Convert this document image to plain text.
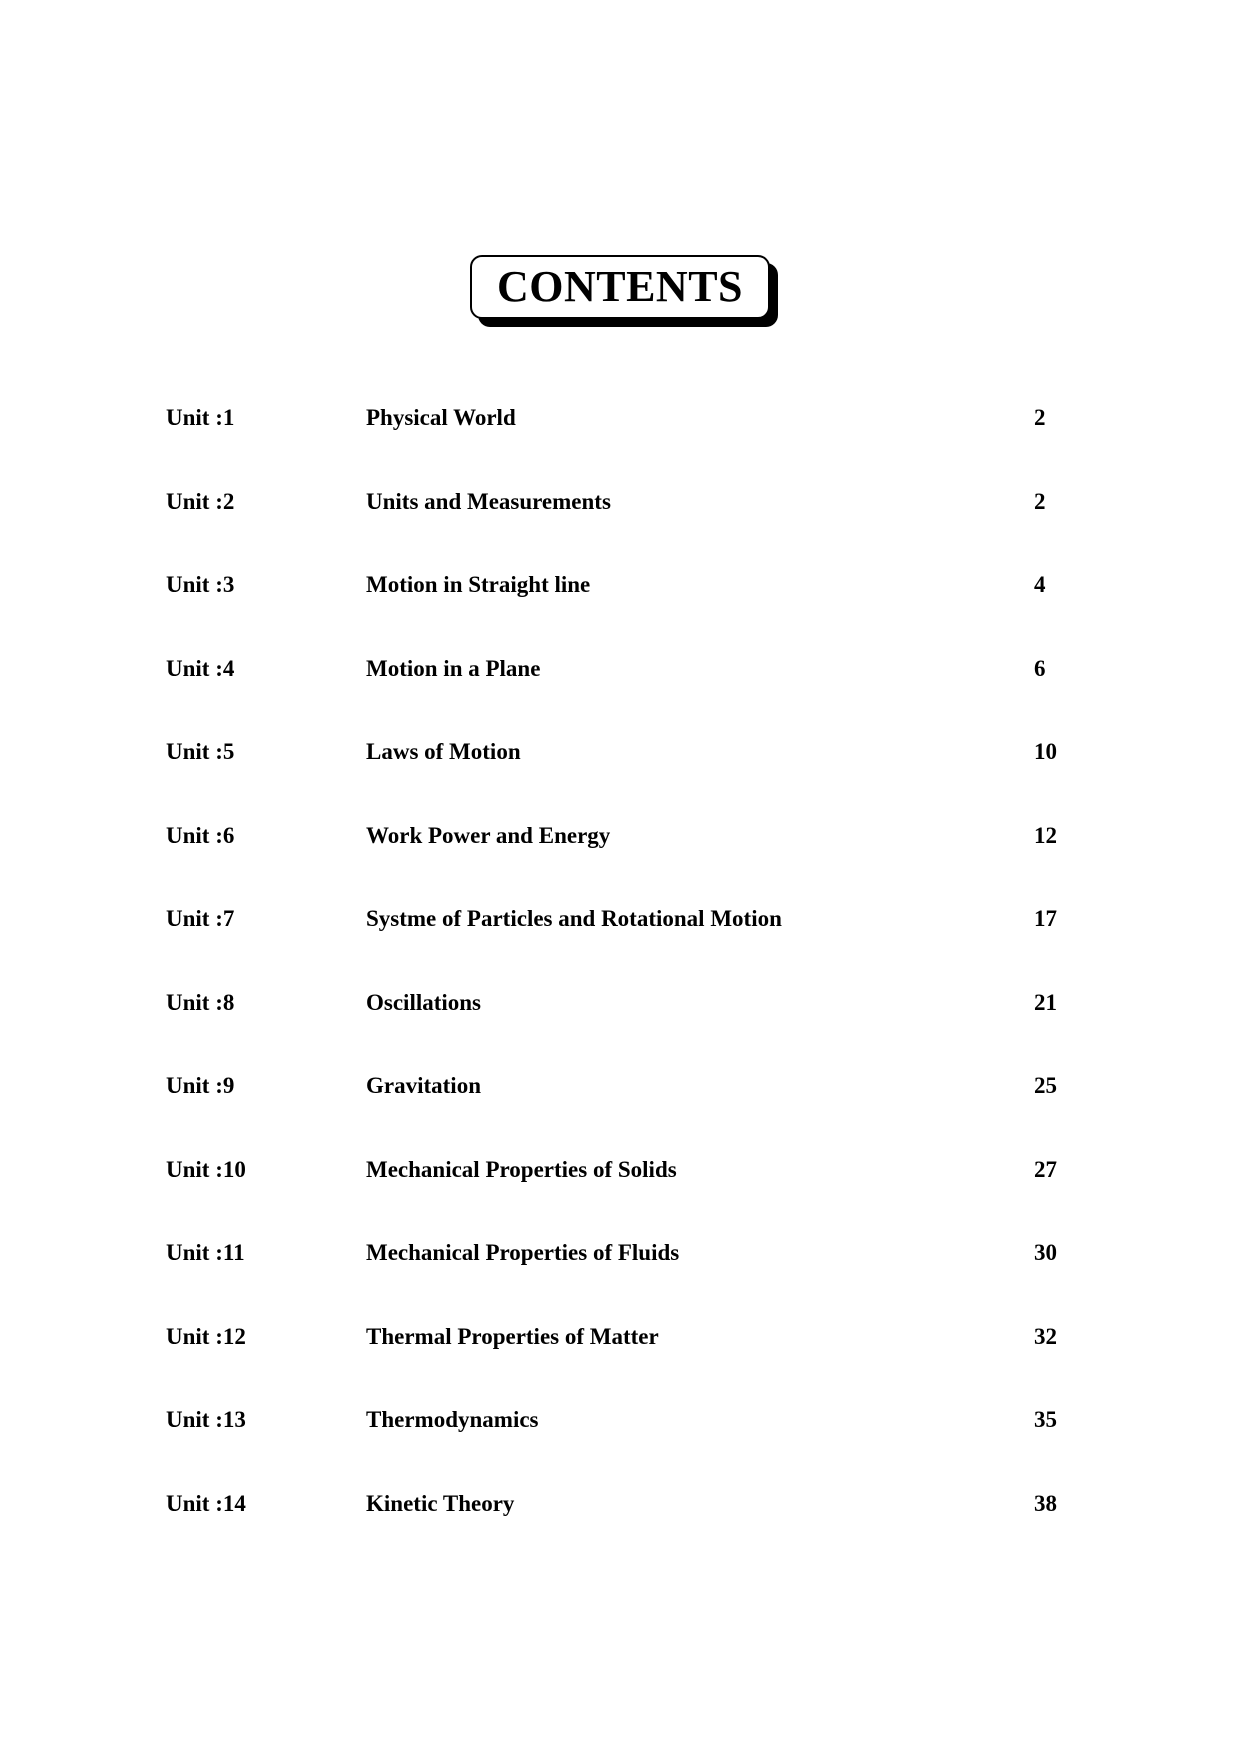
CONTENTS
Unit :1	Physical World	2
Unit :2	Units and Measurements	2
Unit :3	Motion in Straight line	4
Unit :4	Motion in a Plane	6
Unit :5	Laws of Motion	10
Unit :6	Work Power and Energy	12
Unit :7	Systme of Particles and Rotational Motion	17
Unit :8	Oscillations	21
Unit :9	Gravitation	25
Unit :10	Mechanical Properties of Solids	27
Unit :11	Mechanical Properties of Fluids	30
Unit :12	Thermal Properties of Matter	32
Unit :13	Thermodynamics	35
Unit :14	Kinetic Theory	38
